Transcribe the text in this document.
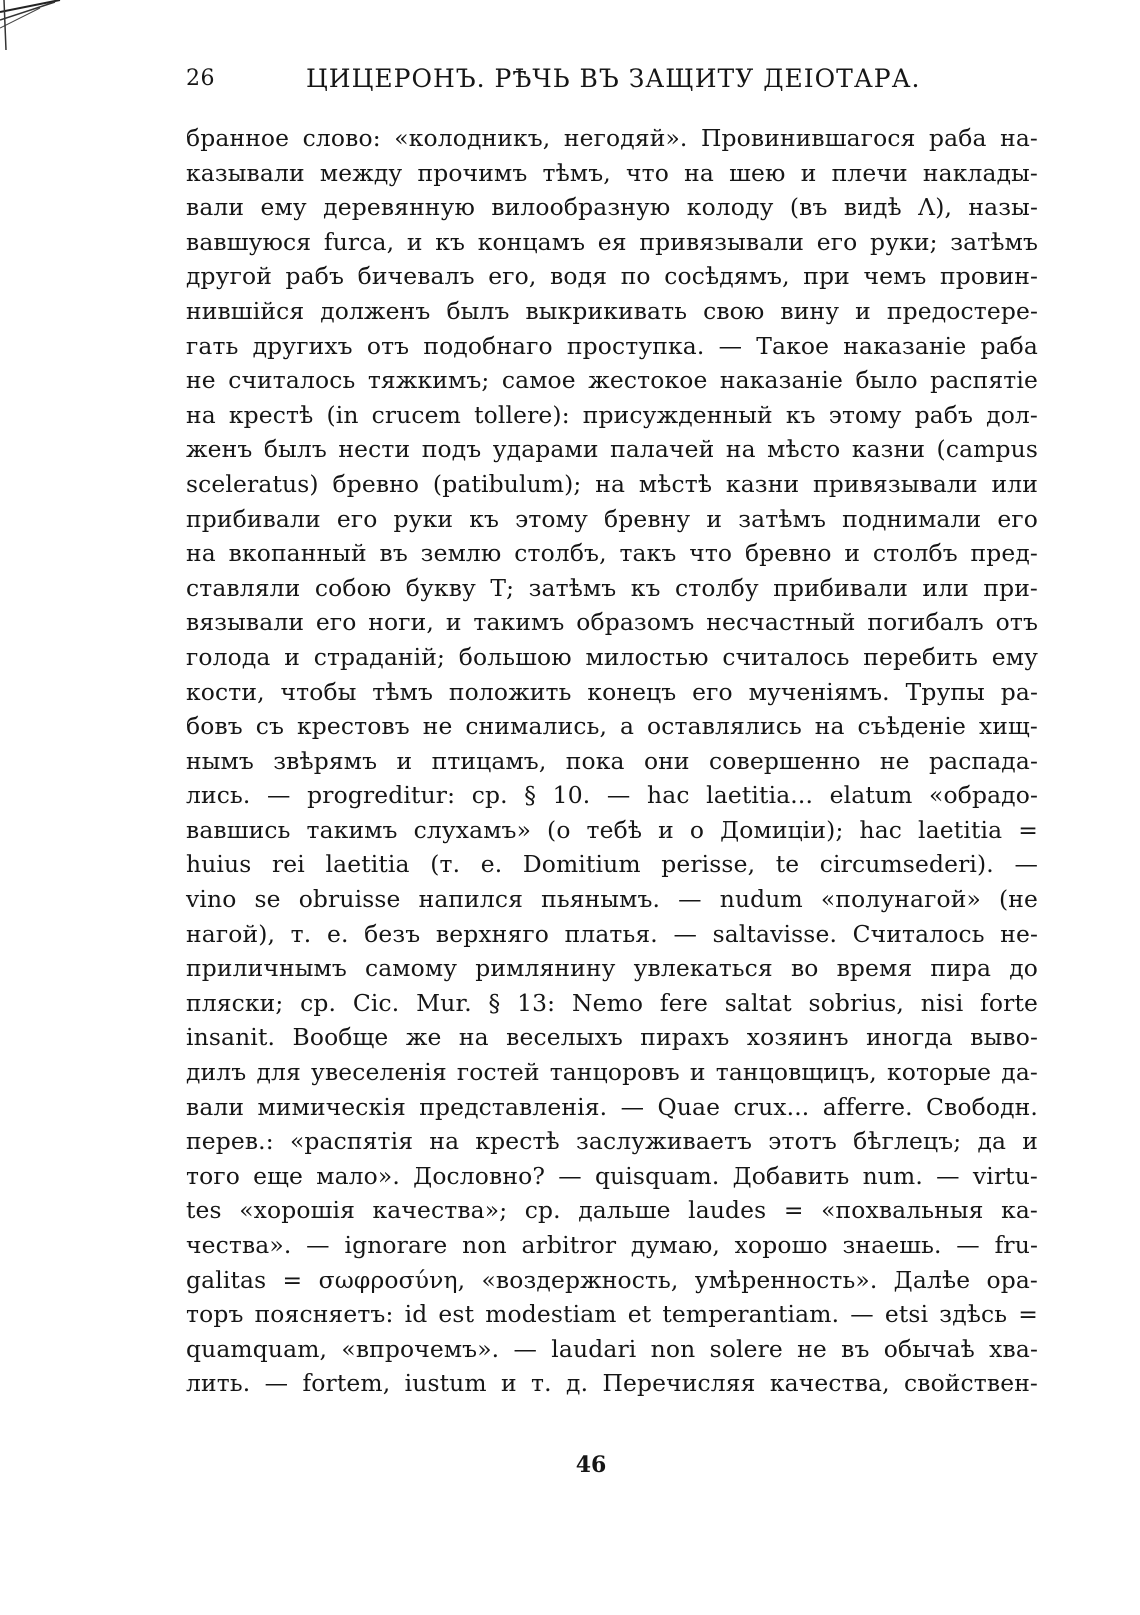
26	ЦИЦЕРОНЪ. РѢЧЬ ВЪ ЗАЩИТУ ДЕІОТАРА.
бранное слово: «колодникъ, негодяй». Провинившагося раба на-
казывали между прочимъ тѣмъ, что на шею и плечи наклады-
вали ему деревянную вилообразную колоду (въ видѣ Λ), назы-
вавшуюся furca, и къ концамъ ея привязывали его руки; затѣмъ
другой рабъ бичевалъ его, водя по сосѣдямъ, при чемъ провин-
нившійся долженъ былъ выкрикивать свою вину и предостере-
гать другихъ отъ подобнаго проступка. — Такое наказаніе раба
не считалось тяжкимъ; самое жестокое наказаніе было распятіе
на крестѣ (in crucem tollere): присужденный къ этому рабъ дол-
женъ былъ нести подъ ударами палачей на мѣсто казни (campus
sceleratus) бревно (patibulum); на мѣстѣ казни привязывали или
прибивали его руки къ этому бревну и затѣмъ поднимали его
на вкопанный въ землю столбъ, такъ что бревно и столбъ пред-
ставляли собою букву Т; затѣмъ къ столбу прибивали или при-
вязывали его ноги, и такимъ образомъ несчастный погибалъ отъ
голода и страданій; большою милостью считалось перебить ему
кости, чтобы тѣмъ положить конецъ его мученіямъ. Трупы ра-
бовъ съ крестовъ не снимались, а оставлялись на съѣденіе хищ-
нымъ звѣрямъ и птицамъ, пока они совершенно не распада-
лись. — progreditur: ср. § 10. — hac laetitia... elatum «обрадо-
вавшись такимъ слухамъ» (о тебѣ и о Домиціи); hac laetitia =
huius rei laetitia (т. е. Domitium perisse, te circumsederi). —
vino se obruisse напился пьянымъ. — nudum «полунагой» (не
нагой), т. е. безъ верхняго платья. — saltavisse. Считалось не-
приличнымъ самому римлянину увлекаться во время пира до
пляски; ср. Cic. Mur. § 13: Nemo fere saltat sobrius, nisi forte
insanit. Вообще же на веселыхъ пирахъ хозяинъ иногда выво-
дилъ для увеселенія гостей танцоровъ и танцовщицъ, которые да-
вали мимическія представленія. — Quae crux... afferre. Свободн.
перев.: «распятія на крестѣ заслуживаетъ этотъ бѣглецъ; да и
того еще мало». Дословно? — quisquam. Добавить num. — virtu-
tes «хорошія качества»; ср. дальше laudes = «похвальныя ка-
чества». — ignorare non arbitror думаю, хорошо знаешь. — fru-
galitas = σωφροσύνη, «воздержность, умѣренность». Далѣе ора-
торъ поясняетъ: id est modestiam et temperantiam. — etsi здѣсь =
quamquam, «впрочемъ». — laudari non solere не въ обычаѣ хва-
лить. — fortem, iustum и т. д. Перечисляя качества, свойствен-
46
